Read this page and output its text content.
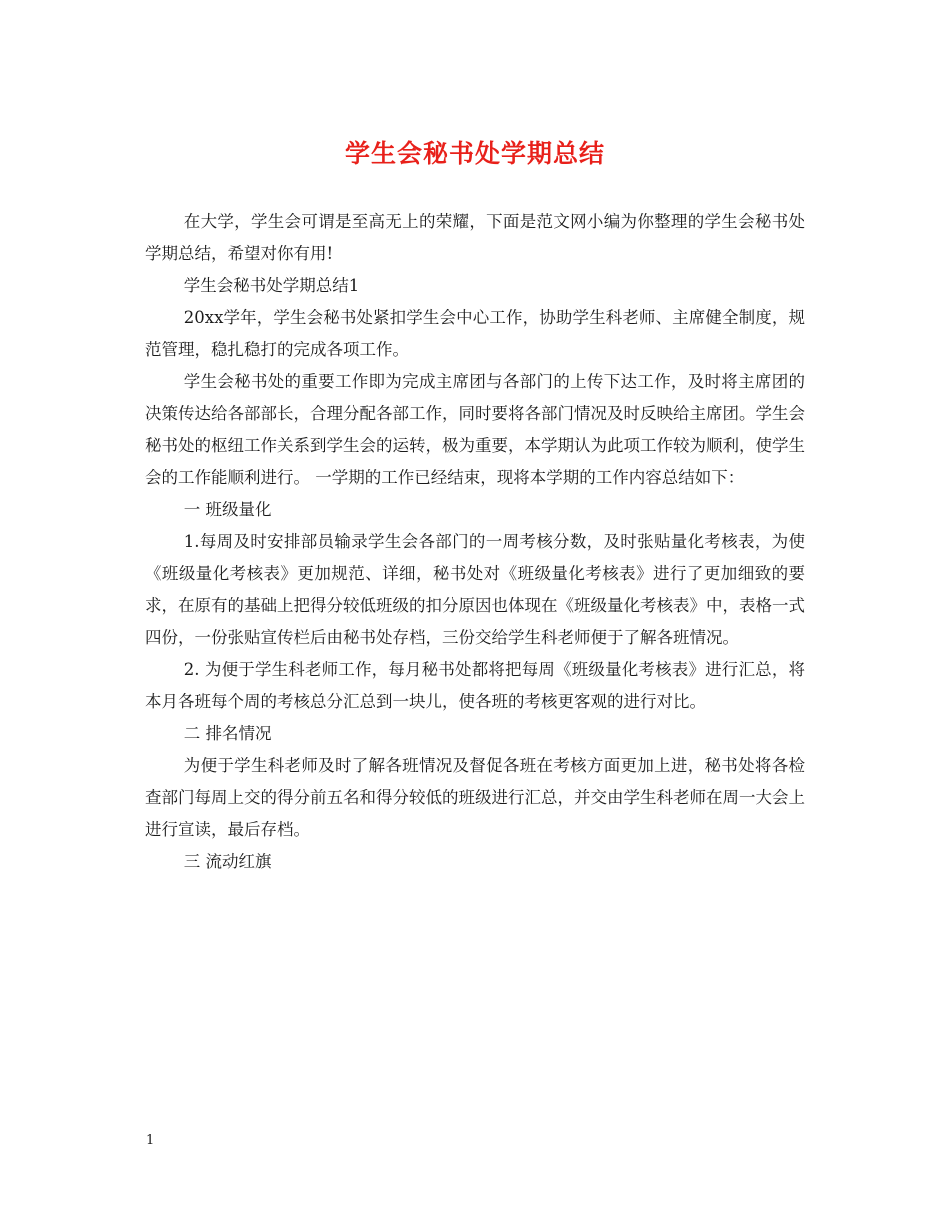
学生会秘书处学期总结

在大学，学生会可谓是至高无上的荣耀，下面是范文网小编为你整理的学生会秘书处学期总结，希望对你有用!

学生会秘书处学期总结1

20xx学年，学生会秘书处紧扣学生会中心工作，协助学生科老师、主席健全制度，规范管理，稳扎稳打的完成各项工作。

学生会秘书处的重要工作即为完成主席团与各部门的上传下达工作，及时将主席团的决策传达给各部部长，合理分配各部工作，同时要将各部门情况及时反映给主席团。学生会秘书处的枢纽工作关系到学生会的运转，极为重要，本学期认为此项工作较为顺利，使学生会的工作能顺利进行。 一学期的工作已经结束，现将本学期的工作内容总结如下：

一 班级量化

1.每周及时安排部员输录学生会各部门的一周考核分数，及时张贴量化考核表，为使《班级量化考核表》更加规范、详细，秘书处对《班级量化考核表》进行了更加细致的要求，在原有的基础上把得分较低班级的扣分原因也体现在《班级量化考核表》中，表格一式四份，一份张贴宣传栏后由秘书处存档，三份交给学生科老师便于了解各班情况。

2. 为便于学生科老师工作，每月秘书处都将把每周《班级量化考核表》进行汇总，将本月各班每个周的考核总分汇总到一块儿，使各班的考核更客观的进行对比。

二 排名情况

为便于学生科老师及时了解各班情况及督促各班在考核方面更加上进，秘书处将各检查部门每周上交的得分前五名和得分较低的班级进行汇总，并交由学生科老师在周一大会上进行宣读，最后存档。

三 流动红旗

1
